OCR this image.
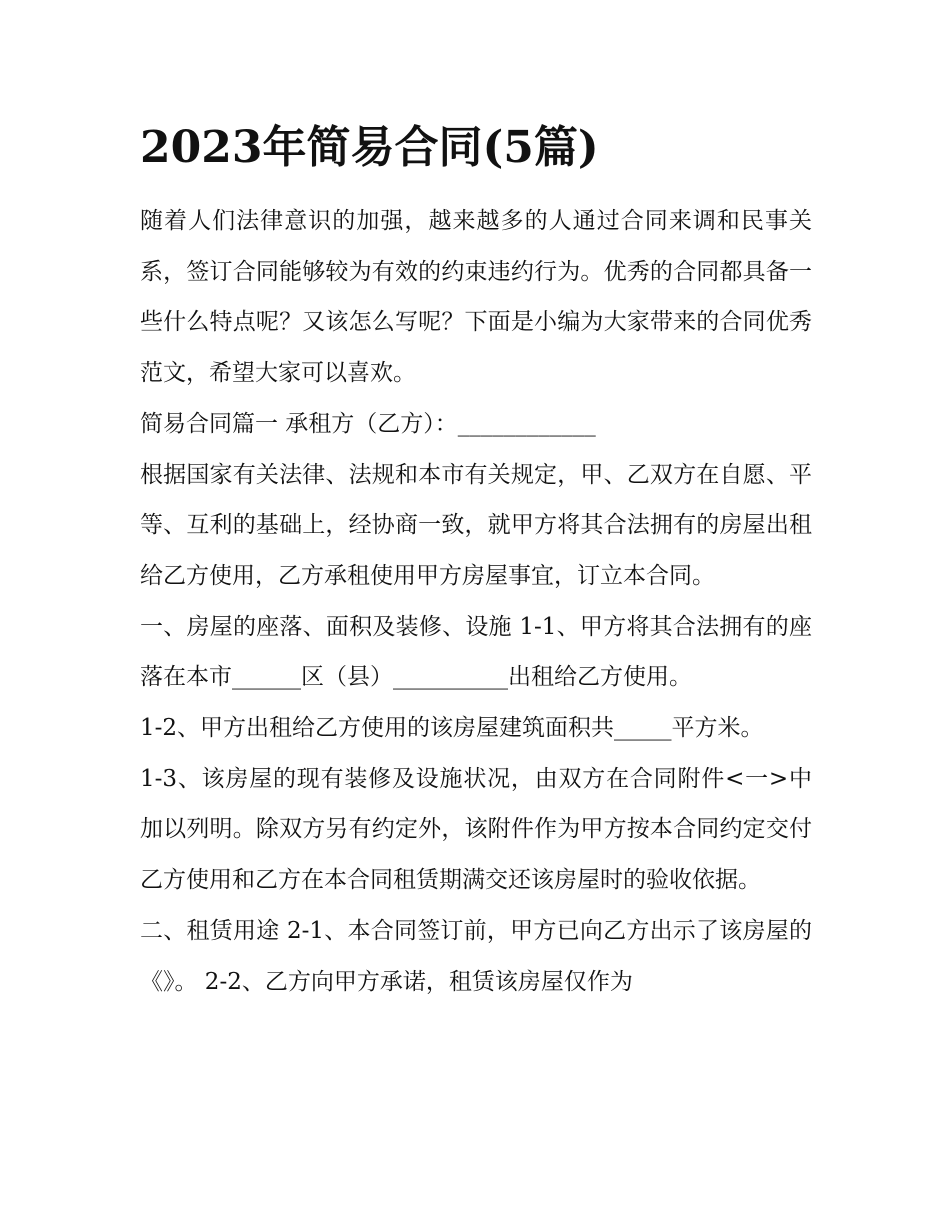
2023年简易合同(5篇)

随着人们法律意识的加强，越来越多的人通过合同来调和民事关系，签订合同能够较为有效的约束违约行为。优秀的合同都具备一些什么特点呢？又该怎么写呢？下面是小编为大家带来的合同优秀范文，希望大家可以喜欢。

简易合同篇一 承租方（乙方）：____________

根据国家有关法律、法规和本市有关规定，甲、乙双方在自愿、平等、互利的基础上，经协商一致，就甲方将其合法拥有的房屋出租给乙方使用，乙方承租使用甲方房屋事宜，订立本合同。

一、房屋的座落、面积及装修、设施 1-1、甲方将其合法拥有的座落在本市______区（县）__________出租给乙方使用。

1-2、甲方出租给乙方使用的该房屋建筑面积共_____平方米。

1-3、该房屋的现有装修及设施状况，由双方在合同附件<一>中加以列明。除双方另有约定外，该附件作为甲方按本合同约定交付乙方使用和乙方在本合同租赁期满交还该房屋时的验收依据。

二、租赁用途 2-1、本合同签订前，甲方已向乙方出示了该房屋的《》。 2-2、乙方向甲方承诺，租赁该房屋仅作为
